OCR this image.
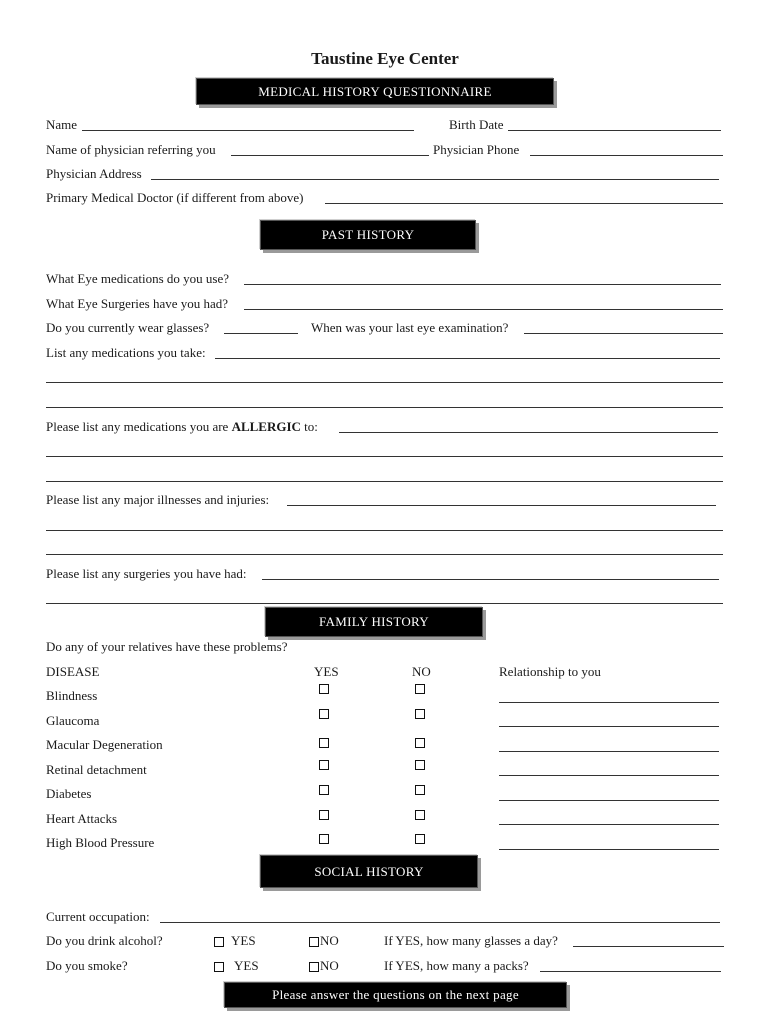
Taustine Eye Center
MEDICAL HISTORY QUESTIONNAIRE
Name	Birth Date
Name of physician referring you	Physician Phone
Physician Address
Primary Medical Doctor (if different from above)
PAST HISTORY
What Eye medications do you use?
What Eye Surgeries have you had?
Do you currently wear glasses?	When was your last eye examination?
List any medications you take:
Please list any medications you are ALLERGIC to:
Please list any major illnesses and injuries:
Please list any surgeries you have had:
FAMILY HISTORY
Do any of your relatives have these problems?
DISEASE	YES	NO	Relationship to you
Blindness
Glaucoma
Macular Degeneration
Retinal detachment
Diabetes
Heart Attacks
High Blood Pressure
SOCIAL HISTORY
Current occupation:
Do you drink alcohol?	YES	NO	If YES, how many glasses a day?
Do you smoke?	YES	NO	If YES, how many a packs?
Please answer the questions on the next page
